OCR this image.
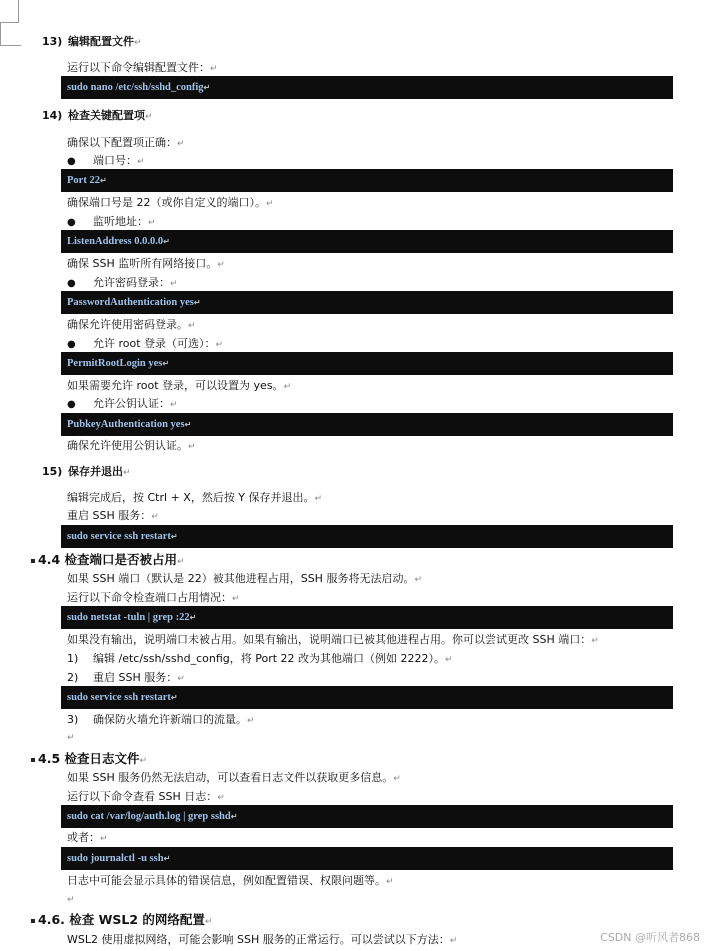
13) 编辑配置文件↵
运行以下命令编辑配置文件：↵
sudo nano /etc/ssh/sshd_config↵
14) 检查关键配置项↵
确保以下配置项正确：↵
● 端口号：↵
Port 22↵
确保端口号是 22（或你自定义的端口）。↵
● 监听地址：↵
ListenAddress 0.0.0.0↵
确保 SSH 监听所有网络接口。↵
● 允许密码登录：↵
PasswordAuthentication yes↵
确保允许使用密码登录。↵
● 允许 root 登录（可选）：↵
PermitRootLogin yes↵
如果需要允许 root 登录，可以设置为 yes。↵
● 允许公钥认证：↵
PubkeyAuthentication yes↵
确保允许使用公钥认证。↵
15) 保存并退出↵
编辑完成后，按 Ctrl + X，然后按 Y 保存并退出。↵
重启 SSH 服务：↵
sudo service ssh restart↵
4.4 检查端口是否被占用↵
如果 SSH 端口（默认是 22）被其他进程占用，SSH 服务将无法启动。↵
运行以下命令检查端口占用情况：↵
sudo netstat -tuln | grep :22↵
如果没有输出，说明端口未被占用。如果有输出，说明端口已被其他进程占用。你可以尝试更改 SSH 端口：↵
1) 编辑 /etc/ssh/sshd_config，将 Port 22 改为其他端口（例如 2222）。↵
2) 重启 SSH 服务：↵
sudo service ssh restart↵
3) 确保防火墙允许新端口的流量。↵
↵
4.5 检查日志文件↵
如果 SSH 服务仍然无法启动，可以查看日志文件以获取更多信息。↵
运行以下命令查看 SSH 日志：↵
sudo cat /var/log/auth.log | grep sshd↵
或者：↵
sudo journalctl -u ssh↵
日志中可能会显示具体的错误信息，例如配置错误、权限问题等。↵
↵
4.6. 检查 WSL2 的网络配置↵
WSL2 使用虚拟网络，可能会影响 SSH 服务的正常运行。可以尝试以下方法：↵	CSDN @听风者868
